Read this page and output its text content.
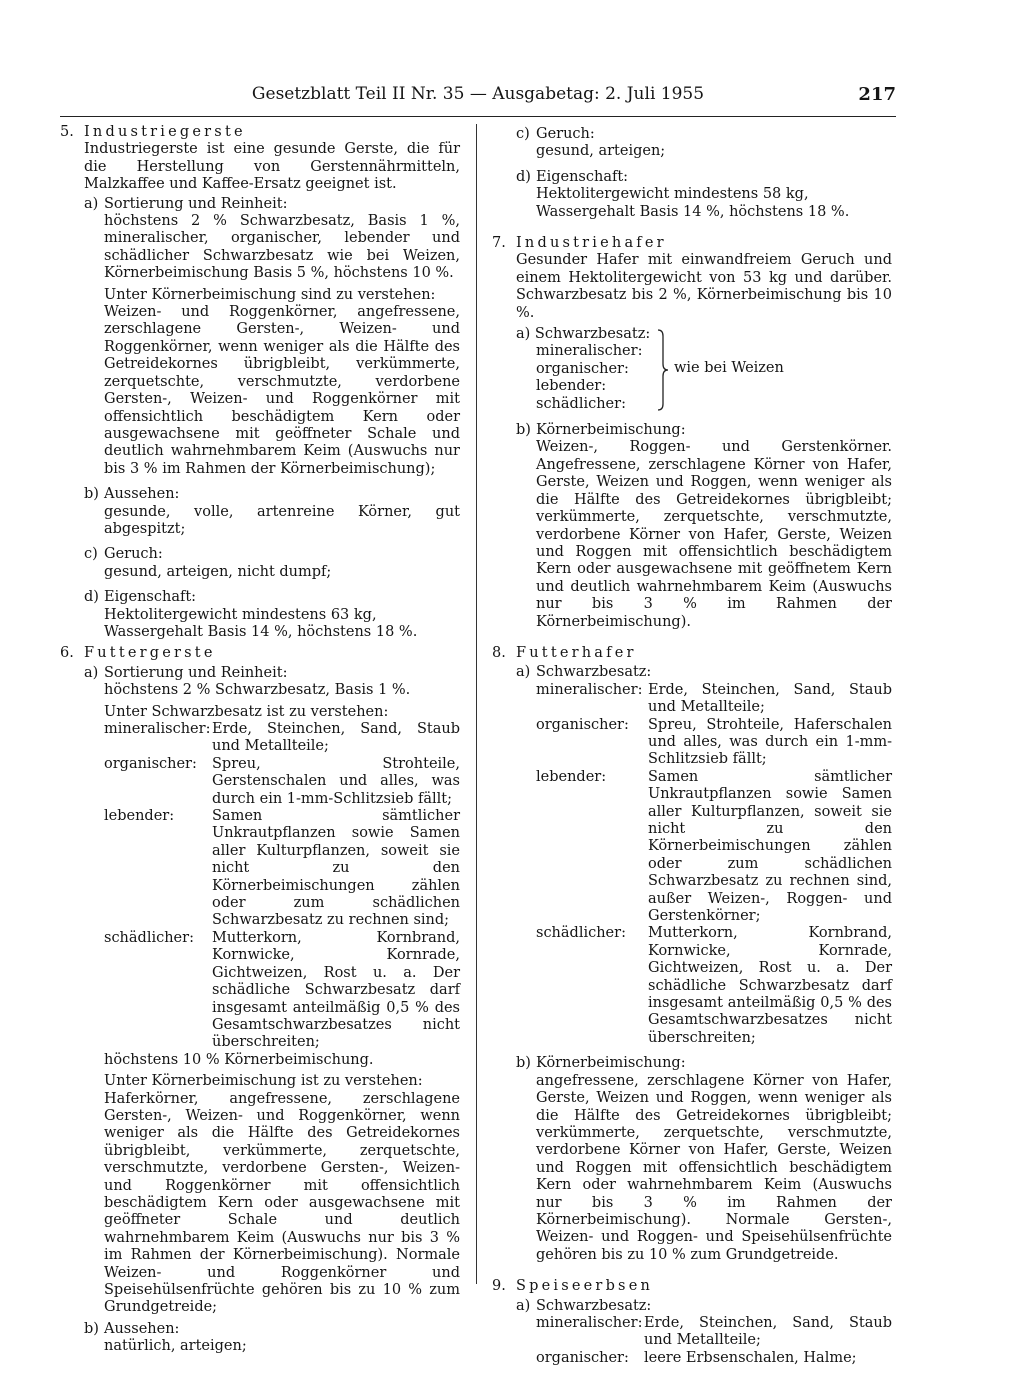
Gesetzblatt Teil II Nr. 35 — Ausgabetag: 2. Juli 1955	217
5. Industriegerste

Industriegerste ist eine gesunde Gerste, die für die Herstellung von Gerstennährmitteln, Malzkaffee und Kaffee-Ersatz geeignet ist.

a) Sortierung und Reinheit:

höchstens 2 % Schwarzbesatz, Basis 1 %, mineralischer, organischer, lebender und schädlicher Schwarzbesatz wie bei Weizen, Körnerbeimischung Basis 5 %, höchstens 10 %.

Unter Körnerbeimischung sind zu verstehen:

Weizen- und Roggenkörner, angefressene, zerschlagene Gersten-, Weizen- und Roggenkörner, wenn weniger als die Hälfte des Getreidekornes übrigbleibt, verkümmerte, zerquetschte, verschmutzte, verdorbene Gersten-, Weizen- und Roggenkörner mit offensichtlich beschädigtem Kern oder ausgewachsene mit geöffneter Schale und deutlich wahrnehmbarem Keim (Auswuchs nur bis 3 % im Rahmen der Körnerbeimischung);

b) Aussehen:

gesunde, volle, artenreine Körner, gut abgespitzt;

c) Geruch:

gesund, arteigen, nicht dumpf;

d) Eigenschaft:

Hektolitergewicht mindestens 63 kg,

Wassergehalt Basis 14 %, höchstens 18 %.

6. Futtergerste
a) Sortierung und Reinheit:

höchstens 2 % Schwarzbesatz, Basis 1 %.

Unter Schwarzbesatz ist zu verstehen:

mineralischer: Erde, Steinchen, Sand, Staub und Metallteile;
organischer:	Spreu, Strohteile, Gerstenschalen und alles, was durch ein 1-mm-Schlitzsieb fällt;
lebender:	Samen sämtlicher Unkrautpflanzen sowie Samen aller Kulturpflanzen, soweit sie nicht zu den Körnerbeimischungen zählen oder zum schädlichen Schwarzbesatz zu rechnen sind;
schädlicher:	Mutterkorn, Kornbrand, Kornwicke, Kornrade, Gichtweizen, Rost u. a. Der schädliche Schwarzbesatz darf insgesamt anteilmäßig 0,5 % des Gesamtschwarzbesatzes nicht überschreiten;

höchstens 10 % Körnerbeimischung.

Unter Körnerbeimischung ist zu verstehen:

Haferkörner, angefressene, zerschlagene Gersten-, Weizen- und Roggenkörner, wenn weniger als die Hälfte des Getreidekornes übrigbleibt, verkümmerte, zerquetschte, verschmutzte, verdorbene Gersten-, Weizen- und Roggenkörner mit offensichtlich beschädigtem Kern oder ausgewachsene mit geöffneter Schale und deutlich wahrnehmbarem Keim (Auswuchs nur bis 3 % im Rahmen der Körnerbeimischung). Normale Weizen- und Roggenkörner und Speisehülsenfrüchte gehören bis zu 10 % zum Grundgetreide;

b) Aussehen:

natürlich, arteigen;

c) Geruch:

gesund, arteigen;

d) Eigenschaft:

Hektolitergewicht mindestens 58 kg,

Wassergehalt Basis 14 %, höchstens 18 %.

7. Industriehafer

Gesunder Hafer mit einwandfreiem Geruch und einem Hektolitergewicht von 53 kg und darüber. Schwarzbesatz bis 2 %, Körnerbeimischung bis 10 %.

a) Schwarzbesatz:
mineralischer:
organischer:
lebender:
schädlicher:
wie bei Weizen
b) Körnerbeimischung:

Weizen-, Roggen- und Gerstenkörner. Angefressene, zerschlagene Körner von Hafer, Gerste, Weizen und Roggen, wenn weniger als die Hälfte des Getreidekornes übrigbleibt; verkümmerte, zerquetschte, verschmutzte, verdorbene Körner von Hafer, Gerste, Weizen und Roggen mit offensichtlich beschädigtem Kern oder ausgewachsene mit geöffnetem Kern und deutlich wahrnehmbarem Keim (Auswuchs nur bis 3 % im Rahmen der Körnerbeimischung).

8. Futterhafer
a) Schwarzbesatz:
mineralischer: Erde, Steinchen, Sand, Staub und Metallteile;
organischer:	Spreu, Strohteile, Haferschalen und alles, was durch ein 1-mm-Schlitzsieb fällt;
lebender:	Samen sämtlicher Unkrautpflanzen sowie Samen aller Kulturpflanzen, soweit sie nicht zu den Körnerbeimischungen zählen oder zum schädlichen Schwarzbesatz zu rechnen sind, außer Weizen-, Roggen- und Gerstenkörner;
schädlicher:	Mutterkorn, Kornbrand, Kornwicke, Kornrade, Gichtweizen, Rost u. a. Der schädliche Schwarzbesatz darf insgesamt anteilmäßig 0,5 % des Gesamtschwarzbesatzes nicht überschreiten;
b) Körnerbeimischung:

angefressene, zerschlagene Körner von Hafer, Gerste, Weizen und Roggen, wenn weniger als die Hälfte des Getreidekornes übrigbleibt; verkümmerte, zerquetschte, verschmutzte, verdorbene Körner von Hafer, Gerste, Weizen und Roggen mit offensichtlich beschädigtem Kern oder wahrnehmbarem Keim (Auswuchs nur bis 3 % im Rahmen der Körnerbeimischung). Normale Gersten-, Weizen- und Roggen- und Speisehülsenfrüchte gehören bis zu 10 % zum Grundgetreide.

9. Speiseerbsen
a) Schwarzbesatz:
mineralischer: Erde, Steinchen, Sand, Staub und Metallteile;
organischer:	leere Erbsenschalen, Halme;
